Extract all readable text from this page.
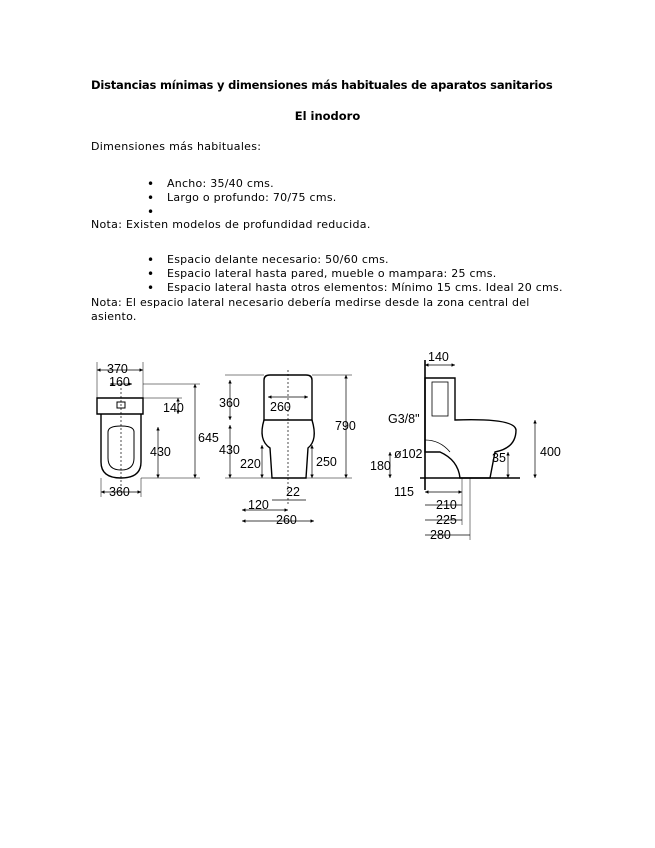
Distancias mínimas y dimensiones más habituales de aparatos sanitarios
El inodoro
Dimensiones más habituales:
• Ancho: 35/40 cms.
• Largo o profundo: 70/75 cms.
•
Nota: Existen modelos de profundidad reducida.
• Espacio delante necesario: 50/60 cms.
• Espacio lateral hasta pared, mueble o mampara: 25 cms.
• Espacio lateral hasta otros elementos: Mínimo 15 cms. Ideal 20 cms.
Nota: El espacio lateral necesario debería medirse desde la zona central del asiento.
370
160
140
645
430
360
360 260
790
430
220	250
22
120
260
140
G3/8"
ø102
180
35	400
115
210
225
280
